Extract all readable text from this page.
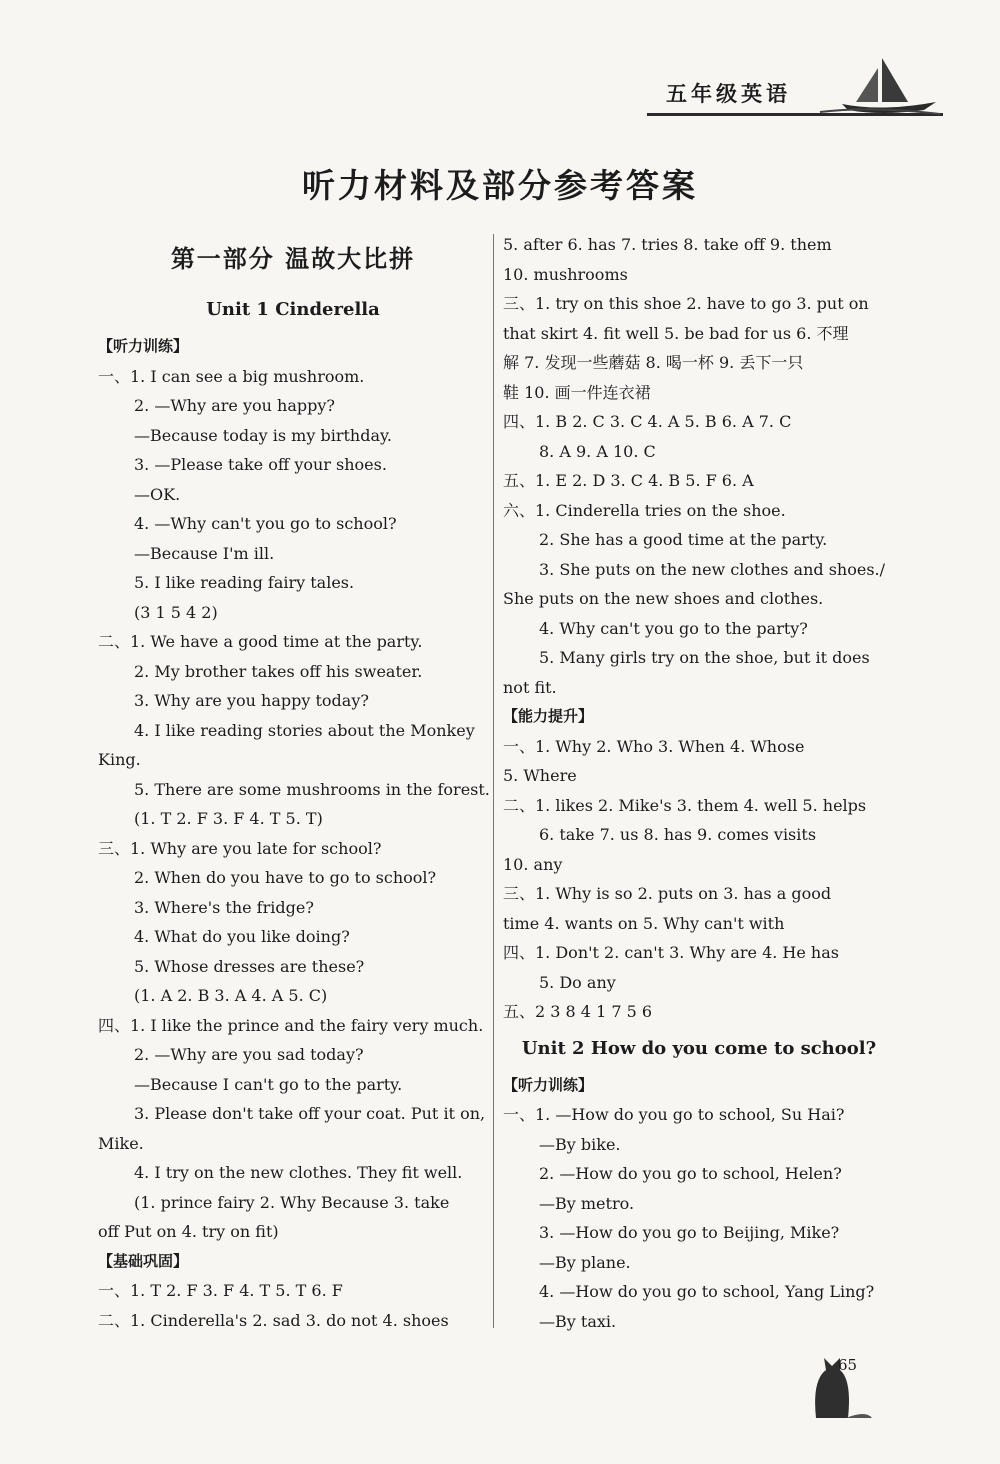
五年级英语
听力材料及部分参考答案
第一部分 温故大比拼
Unit 1 Cinderella
【听力训练】
一、1. I can see a big mushroom.
2. —Why are you happy?
—Because today is my birthday.
3. —Please take off your shoes.
—OK.
4. —Why can't you go to school?
—Because I'm ill.
5. I like reading fairy tales.
(3 1 5 4 2)
二、1. We have a good time at the party.
2. My brother takes off his sweater.
3. Why are you happy today?
4. I like reading stories about the Monkey
King.
5. There are some mushrooms in the forest.
(1. T 2. F 3. F 4. T 5. T)
三、1. Why are you late for school?
2. When do you have to go to school?
3. Where's the fridge?
4. What do you like doing?
5. Whose dresses are these?
(1. A 2. B 3. A 4. A 5. C)
四、1. I like the prince and the fairy very much.
2. —Why are you sad today?
—Because I can't go to the party.
3. Please don't take off your coat. Put it on,
Mike.
4. I try on the new clothes. They fit well.
(1. prince fairy 2. Why Because 3. take
off Put on 4. try on fit)
【基础巩固】
一、1. T 2. F 3. F 4. T 5. T 6. F
二、1. Cinderella's 2. sad 3. do not 4. shoes
5. after 6. has 7. tries 8. take off 9. them
10. mushrooms
三、1. try on this shoe 2. have to go 3. put on
that skirt 4. fit well 5. be bad for us 6. 不理
解 7. 发现一些蘑菇 8. 喝一杯 9. 丢下一只
鞋 10. 画一件连衣裙
四、1. B 2. C 3. C 4. A 5. B 6. A 7. C
8. A 9. A 10. C
五、1. E 2. D 3. C 4. B 5. F 6. A
六、1. Cinderella tries on the shoe.
2. She has a good time at the party.
3. She puts on the new clothes and shoes./
She puts on the new shoes and clothes.
4. Why can't you go to the party?
5. Many girls try on the shoe, but it does
not fit.
【能力提升】
一、1. Why 2. Who 3. When 4. Whose
5. Where
二、1. likes 2. Mike's 3. them 4. well 5. helps
6. take 7. us 8. has 9. comes visits
10. any
三、1. Why is so 2. puts on 3. has a good
time 4. wants on 5. Why can't with
四、1. Don't 2. can't 3. Why are 4. He has
5. Do any
五、2 3 8 4 1 7 5 6
Unit 2 How do you come to school?
【听力训练】
一、1. —How do you go to school, Su Hai?
—By bike.
2. —How do you go to school, Helen?
—By metro.
3. —How do you go to Beijing, Mike?
—By plane.
4. —How do you go to school, Yang Ling?
—By taxi.
65
